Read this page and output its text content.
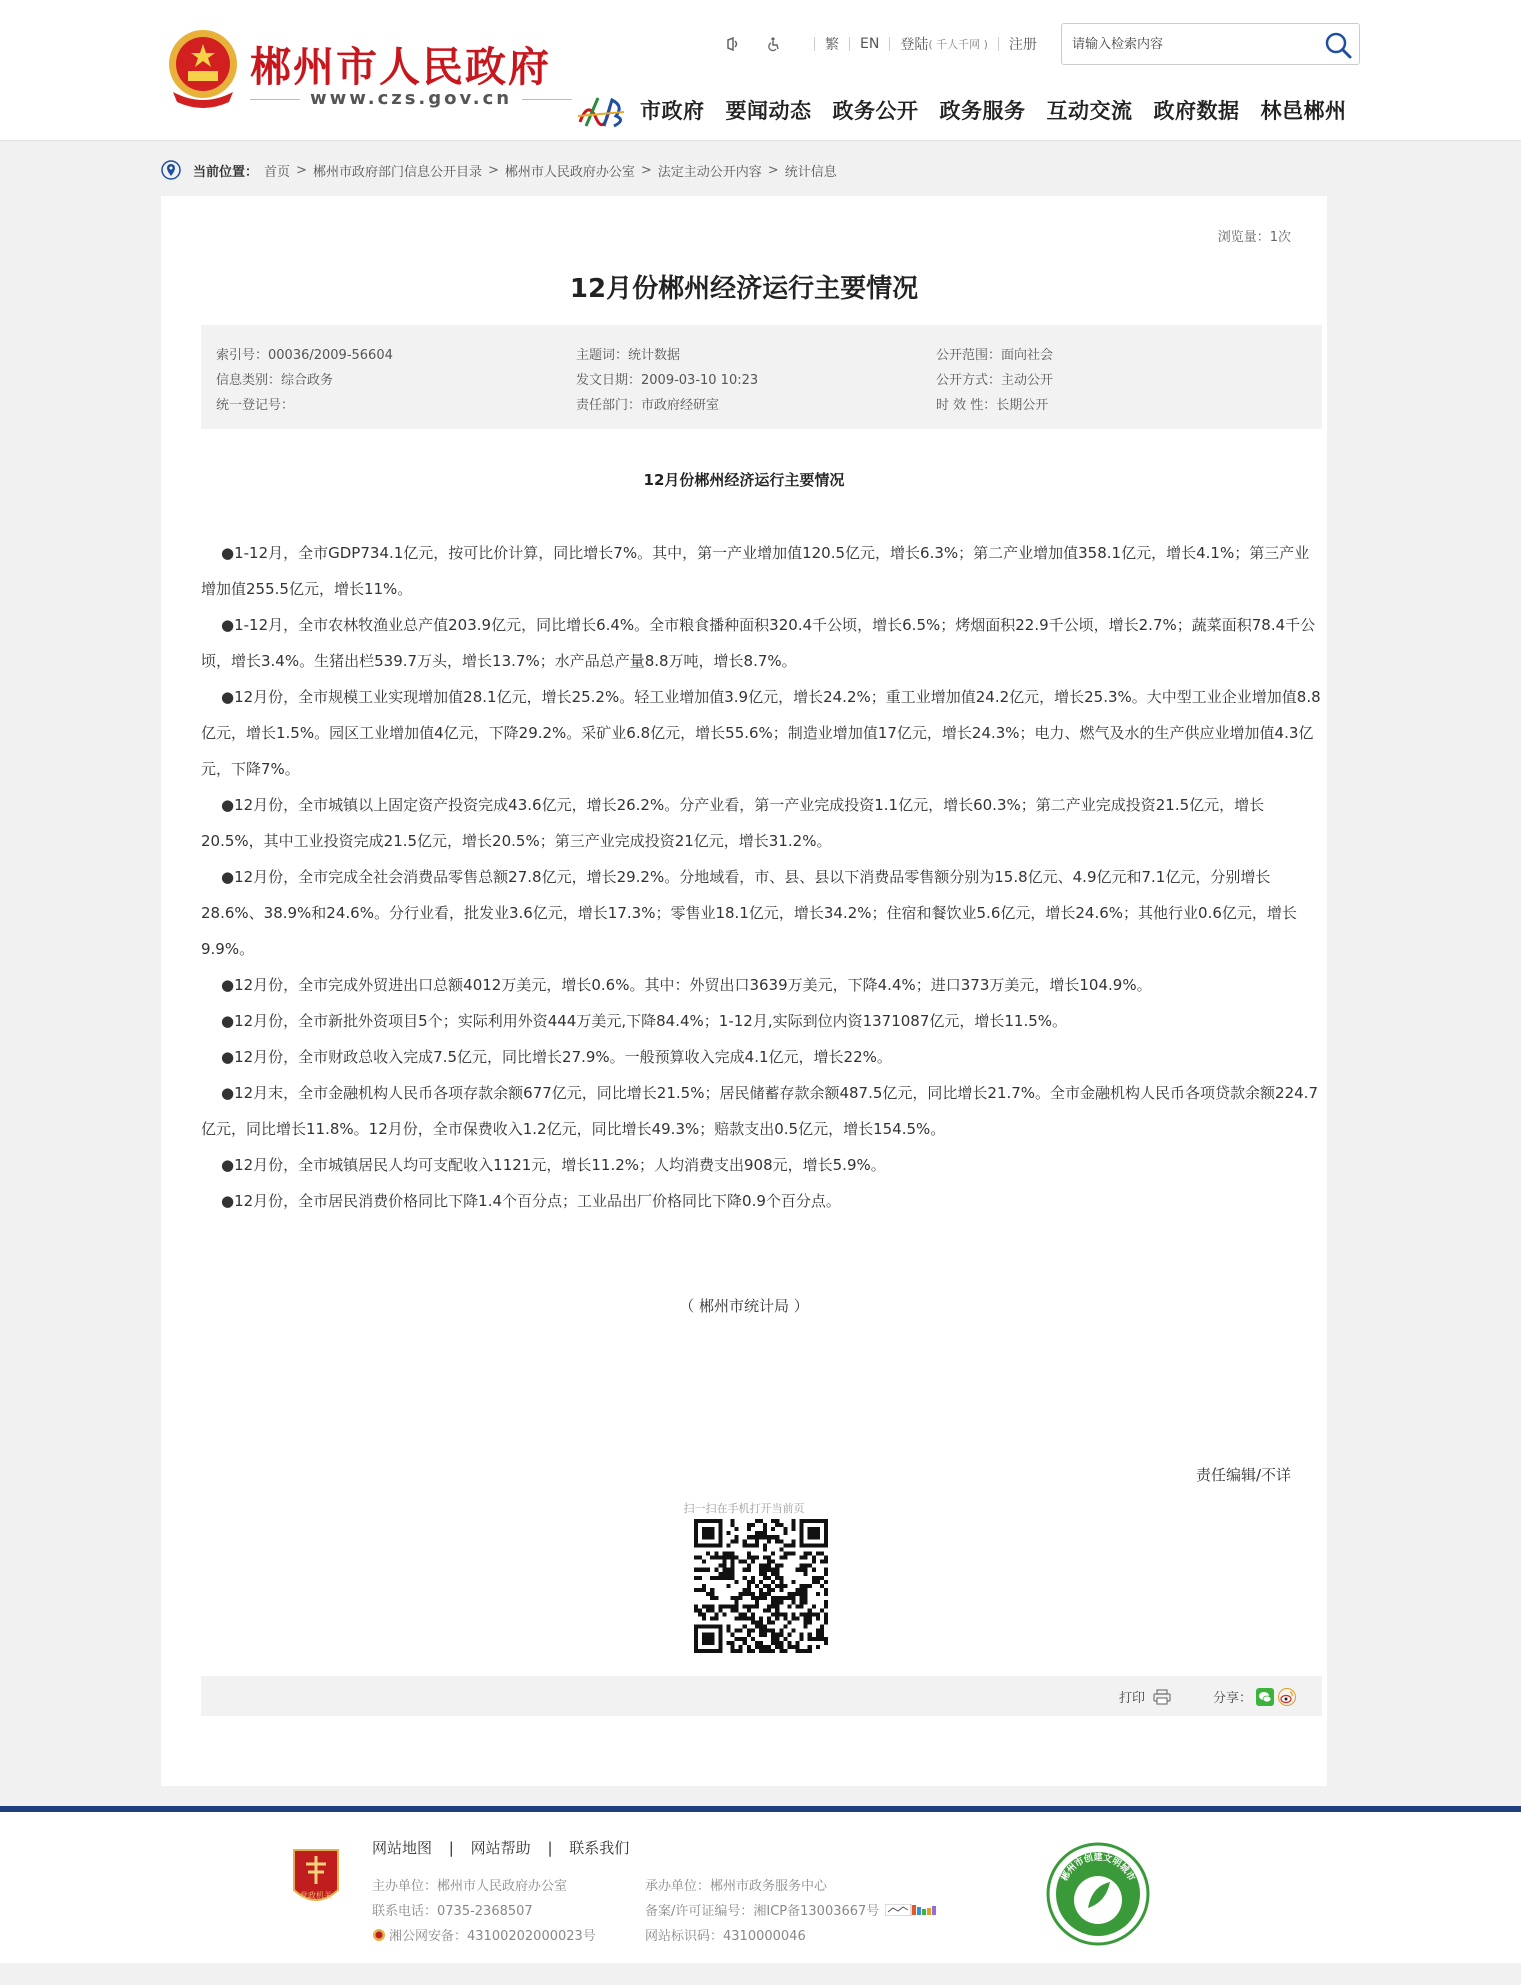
郴州市人民政府
www.czs.gov.cn
繁 EN 登陆 ( 千人千网 ) 注册
请输入检索内容
市政府 要闻动态 政务公开 政务服务 互动交流 政府数据 林邑郴州
当前位置： 首页 > 郴州市政府部门信息公开目录 > 郴州市人民政府办公室 > 法定主动公开内容 > 统计信息
浏览量：1次
12月份郴州经济运行主要情况
索引号：00036/2009-56604	主题词：统计数据	公开范围：面向社会
信息类别：综合政务	发文日期：2009-03-10 10:23	公开方式：主动公开
统一登记号：	责任部门：市政府经研室	时 效 性：长期公开
12月份郴州经济运行主要情况

●1-12月，全市GDP734.1亿元，按可比价计算，同比增长7%。其中，第一产业增加值120.5亿元，增长6.3%；第二产业增加值358.1亿元，增长4.1%；第三产业增加值255.5亿元，增长11%。

●1-12月，全市农林牧渔业总产值203.9亿元，同比增长6.4%。全市粮食播种面积320.4千公顷，增长6.5%；烤烟面积22.9千公顷，增长2.7%；蔬菜面积78.4千公顷，增长3.4%。生猪出栏539.7万头，增长13.7%；水产品总产量8.8万吨，增长8.7%。

●12月份，全市规模工业实现增加值28.1亿元，增长25.2%。轻工业增加值3.9亿元，增长24.2%；重工业增加值24.2亿元，增长25.3%。大中型工业企业增加值8.8亿元，增长1.5%。园区工业增加值4亿元，下降29.2%。采矿业6.8亿元，增长55.6%；制造业增加值17亿元，增长24.3%；电力、燃气及水的生产供应业增加值4.3亿元，下降7%。

●12月份，全市城镇以上固定资产投资完成43.6亿元，增长26.2%。分产业看，第一产业完成投资1.1亿元，增长60.3%；第二产业完成投资21.5亿元，增长20.5%，其中工业投资完成21.5亿元，增长20.5%；第三产业完成投资21亿元，增长31.2%。

●12月份，全市完成全社会消费品零售总额27.8亿元，增长29.2%。分地域看，市、县、县以下消费品零售额分别为15.8亿元、4.9亿元和7.1亿元，分别增长28.6%、38.9%和24.6%。分行业看，批发业3.6亿元，增长17.3%；零售业18.1亿元，增长34.2%；住宿和餐饮业5.6亿元，增长24.6%；其他行业0.6亿元，增长9.9%。

●12月份，全市完成外贸进出口总额4012万美元，增长0.6%。其中：外贸出口3639万美元，下降4.4%；进口373万美元，增长104.9%。

●12月份，全市新批外资项目5个；实际利用外资444万美元,下降84.4%；1-12月,实际到位内资1371087亿元，增长11.5%。

●12月份，全市财政总收入完成7.5亿元，同比增长27.9%。一般预算收入完成4.1亿元，增长22%。

●12月末，全市金融机构人民币各项存款余额677亿元，同比增长21.5%；居民储蓄存款余额487.5亿元，同比增长21.7%。全市金融机构人民币各项贷款余额224.7亿元，同比增长11.8%。12月份，全市保费收入1.2亿元，同比增长49.3%；赔款支出0.5亿元，增长154.5%。

●12月份，全市城镇居民人均可支配收入1121元，增长11.2%；人均消费支出908元，增长5.9%。

●12月份，全市居民消费价格同比下降1.4个百分点；工业品出厂价格同比下降0.9个百分点。

（ 郴州市统计局 ）
责任编辑/不详
扫一扫在手机打开当前页
打印	分享：
党政机关
网站地图 | 网站帮助 | 联系我们
主办单位：郴州市人民政府办公室
联系电话：0735-2368507
湘公网安备：43100202000023号
承办单位：郴州市政务服务中心
备案/许可证编号：湘ICP备13003667号
网站标识码：4310000046
郴州市创建文明城市
